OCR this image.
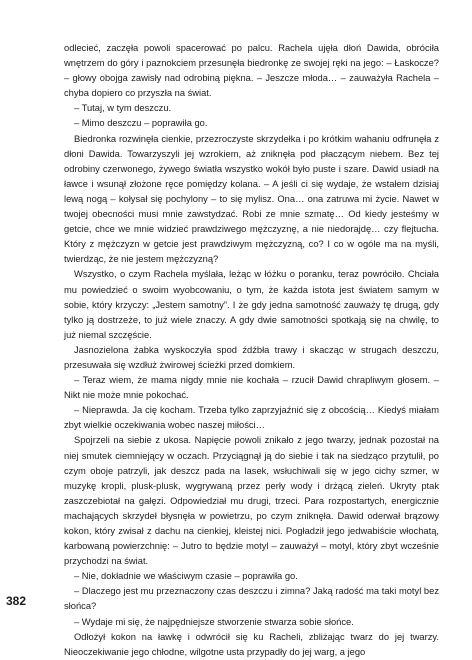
odlecieć, zaczęła powoli spacerować po palcu. Rachela ujęła dłoń Dawida, obróciła wnętrzem do góry i paznokciem przesunęła biedronkę ze swojej ręki na jego: – Łaskocze? – głowy obojga zawisły nad odrobiną piękna. – Jeszcze młoda… – zauważyła Rachela – chyba dopiero co przyszła na świat.

– Tutaj, w tym deszczu.

– Mimo deszczu – poprawiła go.

Biedronka rozwinęła cienkie, przezroczyste skrzydełka i po krótkim wahaniu odfrunęła z dłoni Dawida. Towarzyszyli jej wzrokiem, aż zniknęła pod płaczącym niebem. Bez tej odrobiny czerwonego, żywego światła wszystko wokół było puste i szare. Dawid usiadł na ławce i wsunął złożone ręce pomiędzy kolana. – A jeśli ci się wydaje, że wstałem dzisiaj lewą nogą – kołysał się pochylony – to się mylisz. Ona… ona zatruwa mi życie. Nawet w twojej obecności musi mnie zawstydzać. Robi ze mnie szmatę… Od kiedy jesteśmy w getcie, chce we mnie widzieć prawdziwego mężczyznę, a nie niedorajdę… czy flejtucha. Który z mężczyzn w getcie jest prawdziwym mężczyzną, co? I co w ogóle ma na myśli, twierdząc, że nie jestem mężczyzną?

Wszystko, o czym Rachela myślała, leżąc w łóżku o poranku, teraz powróciło. Chciała mu powiedzieć o swoim wyobcowaniu, o tym, że każda istota jest światem samym w sobie, który krzyczy: „Jestem samotny”. I że gdy jedna samotność zauważy tę drugą, gdy tylko ją dostrzeże, to już wiele znaczy. A gdy dwie samotności spotkają się na chwilę, to już niemal szczęście.

Jasnozielona żabka wyskoczyła spod źdźbła trawy i skacząc w strugach deszczu, przesuwała się wzdłuż żwirowej ścieżki przed domkiem.

– Teraz wiem, że mama nigdy mnie nie kochała – rzucił Dawid chrapliwym głosem. – Nikt nie może mnie pokochać.

– Nieprawda. Ja cię kocham. Trzeba tylko zaprzyjaźnić się z obcością… Kiedyś miałam zbyt wielkie oczekiwania wobec naszej miłości…

Spojrzeli na siebie z ukosa. Napięcie powoli znikało z jego twarzy, jednak pozostał na niej smutek ciemniejący w oczach. Przyciągnął ją do siebie i tak na siedząco przytulił, po czym oboje patrzyli, jak deszcz pada na lasek, wsłuchiwali się w jego cichy szmer, w muzykę kropli, plusk-plusk, wygrywaną przez perły wody i drżącą zieleń. Ukryty ptak zaszczebiotał na gałęzi. Odpowiedział mu drugi, trzeci. Para rozpostartych, energicznie machających skrzydeł błysnęła w powietrzu, po czym zniknęła. Dawid oderwał brązowy kokon, który zwisał z dachu na cienkiej, kleistej nici. Pogładził jego jedwabiście włochatą, karbowaną powierzchnię: – Jutro to będzie motyl – zauważył – motyl, który zbyt wcześnie przychodzi na świat.

– Nie, dokładnie we właściwym czasie – poprawiła go.

– Dlaczego jest mu przeznaczony czas deszczu i zimna? Jaką radość ma taki motyl bez słońca?

– Wydaje mi się, że najpędniejsze stworzenie stwarza sobie słońce.

Odłożył kokon na ławkę i odwrócił się ku Racheli, zbliżając twarz do jej twarzy. Nieoczekiwanie jego chłodne, wilgotne usta przypadły do jej warg, a jego

382
